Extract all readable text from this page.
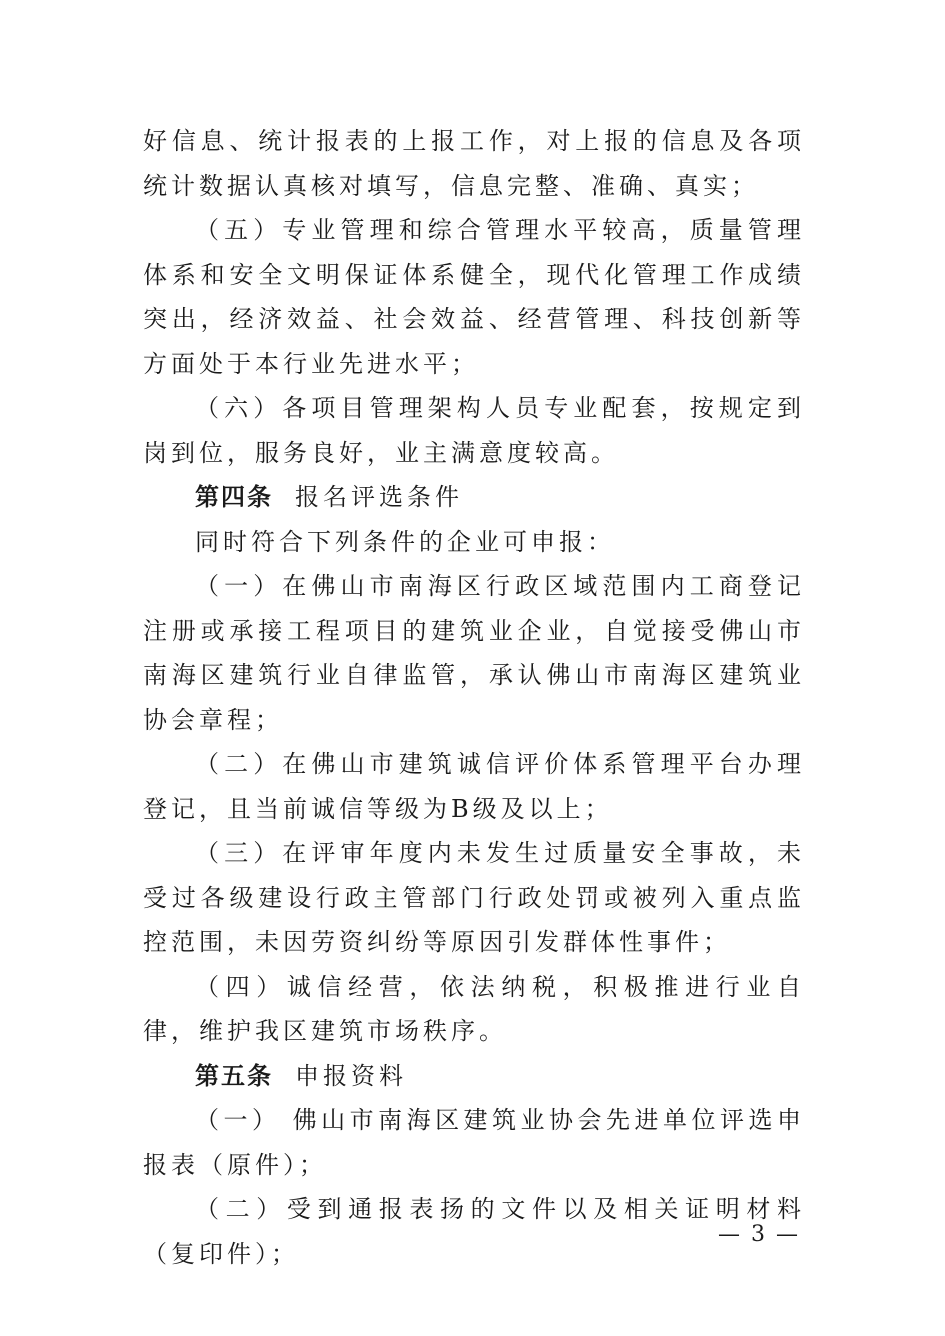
好信息、统计报表的上报工作，对上报的信息及各项统计数据认真核对填写，信息完整、准确、真实；

（五）专业管理和综合管理水平较高，质量管理体系和安全文明保证体系健全，现代化管理工作成绩突出，经济效益、社会效益、经营管理、科技创新等方面处于本行业先进水平；

（六）各项目管理架构人员专业配套，按规定到岗到位，服务良好，业主满意度较高。

第四条 报名评选条件

同时符合下列条件的企业可申报：

（一）在佛山市南海区行政区域范围内工商登记注册或承接工程项目的建筑业企业，自觉接受佛山市南海区建筑行业自律监管，承认佛山市南海区建筑业协会章程；

（二）在佛山市建筑诚信评价体系管理平台办理登记，且当前诚信等级为B级及以上；

（三）在评审年度内未发生过质量安全事故，未受过各级建设行政主管部门行政处罚或被列入重点监控范围，未因劳资纠纷等原因引发群体性事件；

（四）诚信经营，依法纳税，积极推进行业自律，维护我区建筑市场秩序。

第五条 申报资料

（一） 佛山市南海区建筑业协会先进单位评选申报表（原件）；

（二）受到通报表扬的文件以及相关证明材料（复印件）；

— 3 —
